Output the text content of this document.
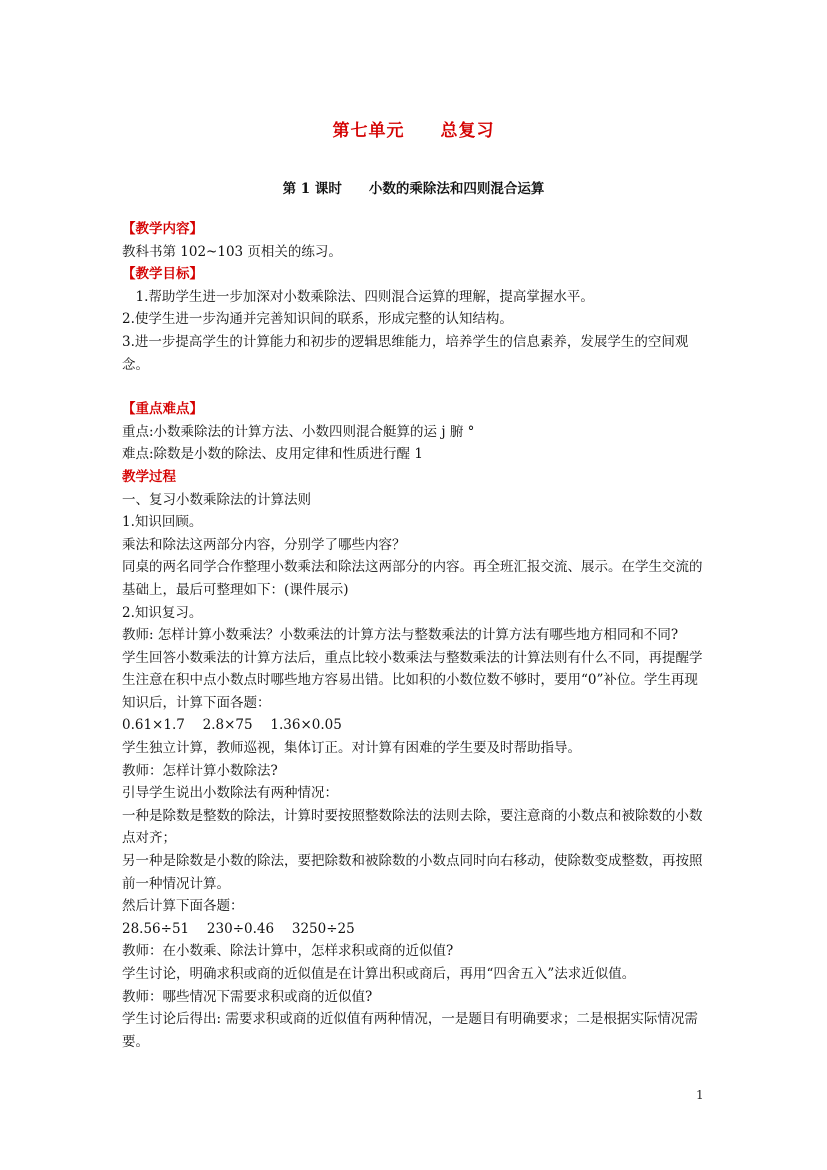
第七单元　　总复习
第 1 课时　　小数的乘除法和四则混合运算

【教学内容】

教科书第 102~103 页相关的练习。

【教学目标】

　1.帮助学生进一步加深对小数乘除法、四则混合运算的理解，提高掌握水平。

2.使学生进一步沟通并完善知识间的联系，形成完整的认知结构。

3.进一步提高学生的计算能力和初步的逻辑思维能力，培养学生的信息素养，发展学生的空间观念。

【重点难点】

重点:小数乘除法的计算方法、小数四则混合艇算的运 j 腑 °

难点:除数是小数的除法、皮用定律和性质进行醒 1

教学过程

一、复习小数乘除法的计算法则

1.知识回顾。

乘法和除法这两部分内容，分别学了哪些内容？

同桌的两名同学合作整理小数乘法和除法这两部分的内容。再全班汇报交流、展示。在学生交流的基础上，最后可整理如下：(课件展示)

2.知识复习。

教师: 怎样计算小数乘法？小数乘法的计算方法与整数乘法的计算方法有哪些地方相同和不同?

学生回答小数乘法的计算方法后，重点比较小数乘法与整数乘法的计算法则有什么不同，再提醒学生注意在积中点小数点时哪些地方容易出错。比如积的小数位数不够时，要用“0”补位。学生再现知识后，计算下面各题：

0.61×1.7　 2.8×75　 1.36×0.05

学生独立计算，教师巡视，集体订正。对计算有困难的学生要及时帮助指导。

教师：怎样计算小数除法?

引导学生说出小数除法有两种情况：

一种是除数是整数的除法，计算时要按照整数除法的法则去除，要注意商的小数点和被除数的小数点对齐；

另一种是除数是小数的除法，要把除数和被除数的小数点同时向右移动，使除数变成整数，再按照前一种情况计算。

然后计算下面各题：

28.56÷51　 230÷0.46　 3250÷25

教师：在小数乘、除法计算中，怎样求积或商的近似值?

学生讨论，明确求积或商的近似值是在计算出积或商后，再用“四舍五入”法求近似值。

教师：哪些情况下需要求积或商的近似值?

学生讨论后得出: 需要求积或商的近似值有两种情况，一是题目有明确要求；二是根据实际情况需要。

1
